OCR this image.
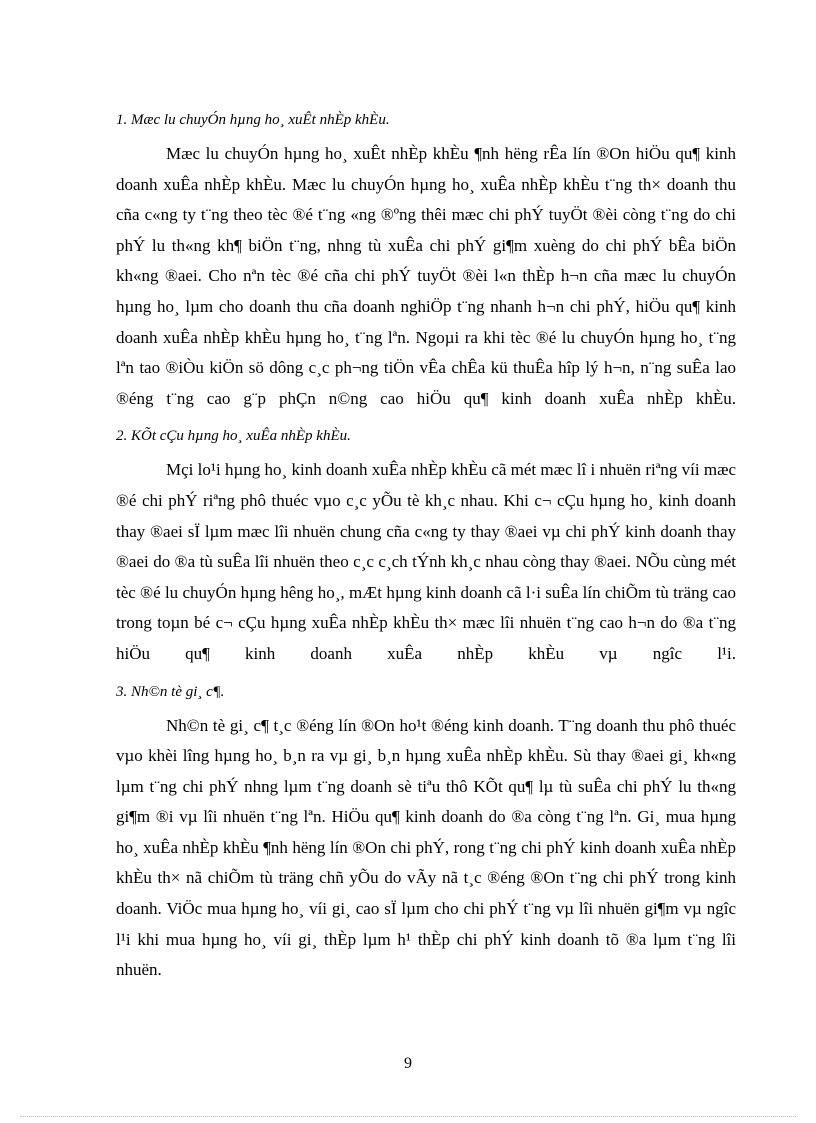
1. Mæc lu chuyÓn hµng ho¸ xuÊt nhÈp khÈu.

Mæc lu chuyÓn hµng ho¸ xuÊt nhÈp khÈu ¶nh hëng rÊa lín ®On hiÖu qu¶ kinh doanh xuÊa nhÈp khÈu. Mæc lu chuyÓn hµng ho¸ xuÊa nhÈp khÈu t¨ng th× doanh thu cña c«ng ty t¨ng theo tèc ®é t¨ng «ng ®ºng thêi mæc chi phÝ tuyÖt ®èi còng t¨ng do chi phÝ lu th«ng kh¶ biÖn t¨ng, nhng tù xuÊa chi phÝ gi¶m xuèng do chi phÝ bÊa biÖn kh«ng ®aei. Cho nªn tèc ®é cña chi phÝ tuyÖt ®èi l«n thÈp h¬n cña mæc lu chuyÓn hµng ho¸ lµm cho doanh thu cña doanh nghiÖp t¨ng nhanh h¬n chi phÝ, hiÖu qu¶ kinh doanh xuÊa nhÈp khÈu hµng ho¸ t¨ng lªn. Ngoµi ra khi tèc ®é lu chuyÓn hµng ho¸ t¨ng lªn tao ®iÒu kiÖn sö dông c¸c ph¬ng tiÖn vÊa chÊa kü thuÊa hîp lý h¬n, n¨ng suÊa lao ®éng t¨ng cao g¨p phÇn n©ng cao hiÖu qu¶ kinh doanh xuÊa nhÈp khÈu.

2. KÕt cÇu hµng ho¸ xuÊa nhÈp khÈu.

Mçi lo¹i hµng ho¸ kinh doanh xuÊa nhÈp khÈu cã mét mæc lî i nhuën riªng víi mæc ®é chi phÝ riªng phô thuéc vµo c¸c yÕu tè kh¸c nhau. Khi c¬ cÇu hµng ho¸ kinh doanh thay ®aei sÏ lµm mæc lîi nhuën chung cña c«ng ty thay ®aei vµ chi phÝ kinh doanh thay ®aei do ®a tù suÊa lîi nhuën theo c¸c c¸ch tÝnh kh¸c nhau còng thay ®aei. NÕu cùng mét tèc ®é lu chuyÓn hµng hêng ho¸, mÆt hµng kinh doanh cã l·i suÊa lín chiÕm tù träng cao trong toµn bé c¬ cÇu hµng xuÊa nhÈp khÈu th× mæc lîi nhuën t¨ng cao h¬n do ®a t¨ng hiÖu qu¶ kinh doanh xuÊa nhÈp khÈu vµ ngîc l¹i.

3. Nh©n tè gi¸ c¶.

Nh©n tè gi¸ c¶ t¸c ®éng lín ®On ho¹t ®éng kinh doanh. T¨ng doanh thu phô thuéc vµo khèi lîng hµng ho¸ b¸n ra vµ gi¸ b¸n hµng xuÊa nhÈp khÈu. Sù thay ®aei gi¸ kh«ng lµm t¨ng chi phÝ nhng lµm t¨ng doanh sè tiªu thô KÕt qu¶ lµ tù suÊa chi phÝ lu th«ng gi¶m ®i vµ lîi nhuën t¨ng lªn. HiÖu qu¶ kinh doanh do ®a còng t¨ng lªn. Gi¸ mua hµng ho¸ xuÊa nhÈp khÈu ¶nh hëng lín ®On chi phÝ, rong t¨ng chi phÝ kinh doanh xuÊa nhÈp khÈu th× nã chiÕm tù träng chñ yÕu do vÃy nã t¸c ®éng ®On t¨ng chi phÝ trong kinh doanh. ViÖc mua hµng ho¸ víi gi¸ cao sÏ lµm cho chi phÝ t¨ng vµ lîi nhuën gi¶m vµ ngîc l¹i khi mua hµng ho¸ víi gi¸ thÈp lµm h¹ thÈp chi phÝ kinh doanh tõ ®a lµm t¨ng lîi nhuën.

9
